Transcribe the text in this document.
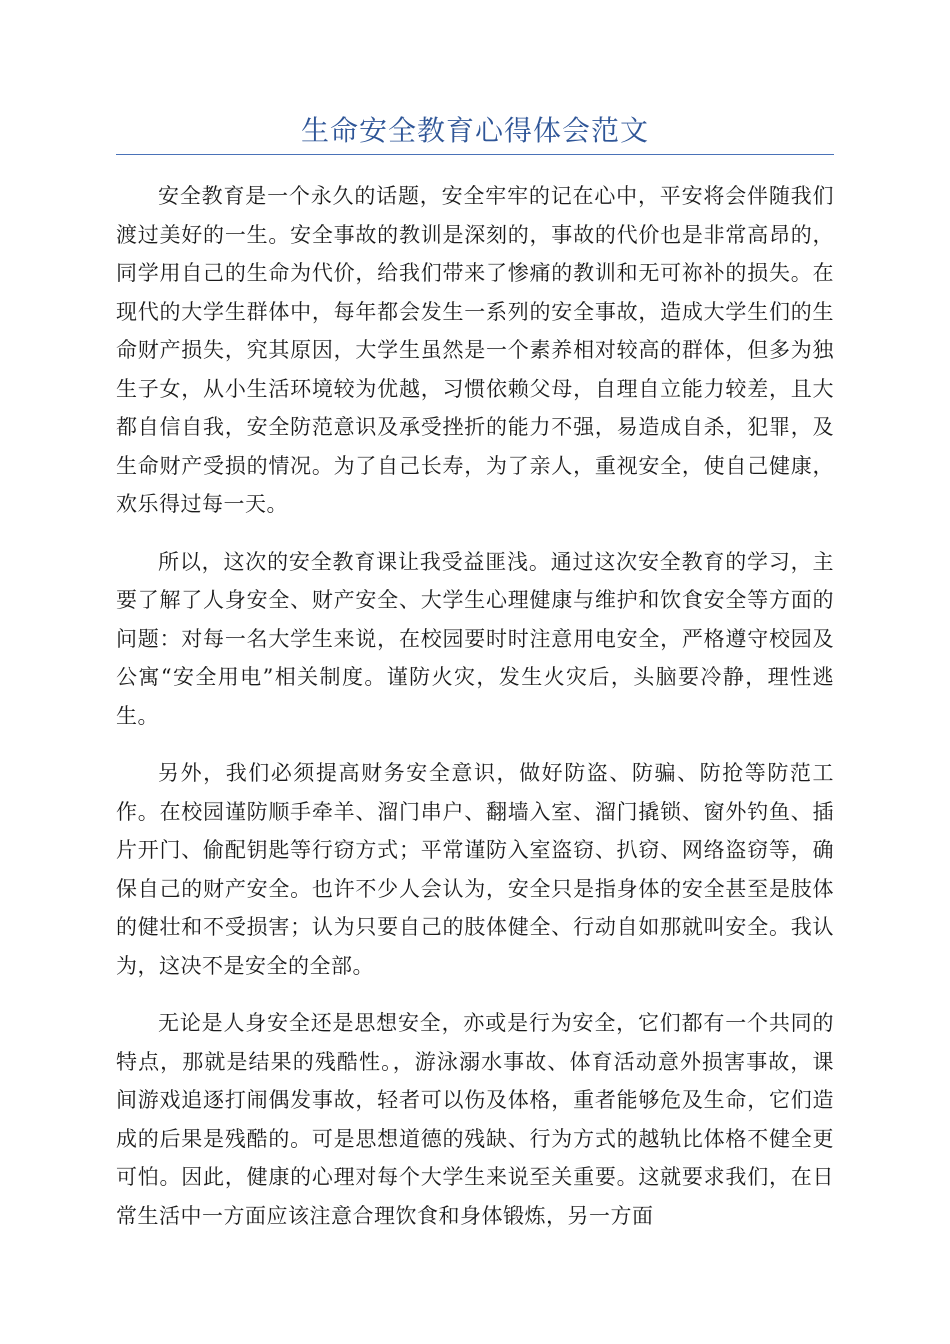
生命安全教育心得体会范文

安全教育是一个永久的话题，安全牢牢的记在心中，平安将会伴随我们渡过美好的一生。安全事故的教训是深刻的，事故的代价也是非常高昂的，同学用自己的生命为代价，给我们带来了惨痛的教训和无可祢补的损失。在现代的大学生群体中，每年都会发生一系列的安全事故，造成大学生们的生命财产损失，究其原因，大学生虽然是一个素养相对较高的群体，但多为独生子女，从小生活环境较为优越，习惯依赖父母，自理自立能力较差，且大都自信自我，安全防范意识及承受挫折的能力不强，易造成自杀，犯罪，及生命财产受损的情况。为了自己长寿，为了亲人，重视安全，使自己健康，欢乐得过每一天。

所以，这次的安全教育课让我受益匪浅。通过这次安全教育的学习，主要了解了人身安全、财产安全、大学生心理健康与维护和饮食安全等方面的问题：对每一名大学生来说，在校园要时时注意用电安全，严格遵守校园及公寓“安全用电”相关制度。谨防火灾，发生火灾后，头脑要冷静，理性逃生。

另外，我们必须提高财务安全意识，做好防盗、防骗、防抢等防范工作。在校园谨防顺手牵羊、溜门串户、翻墙入室、溜门撬锁、窗外钓鱼、插片开门、偷配钥匙等行窃方式；平常谨防入室盗窃、扒窃、网络盗窃等，确保自己的财产安全。也许不少人会认为，安全只是指身体的安全甚至是肢体的健壮和不受损害；认为只要自己的肢体健全、行动自如那就叫安全。我认为，这决不是安全的全部。

无论是人身安全还是思想安全，亦或是行为安全，它们都有一个共同的特点，那就是结果的残酷性。，游泳溺水事故、体育活动意外损害事故，课间游戏追逐打闹偶发事故，轻者可以伤及体格，重者能够危及生命，它们造成的后果是残酷的。可是思想道德的残缺、行为方式的越轨比体格不健全更可怕。因此，健康的心理对每个大学生来说至关重要。这就要求我们，在日常生活中一方面应该注意合理饮食和身体锻炼，另一方面
